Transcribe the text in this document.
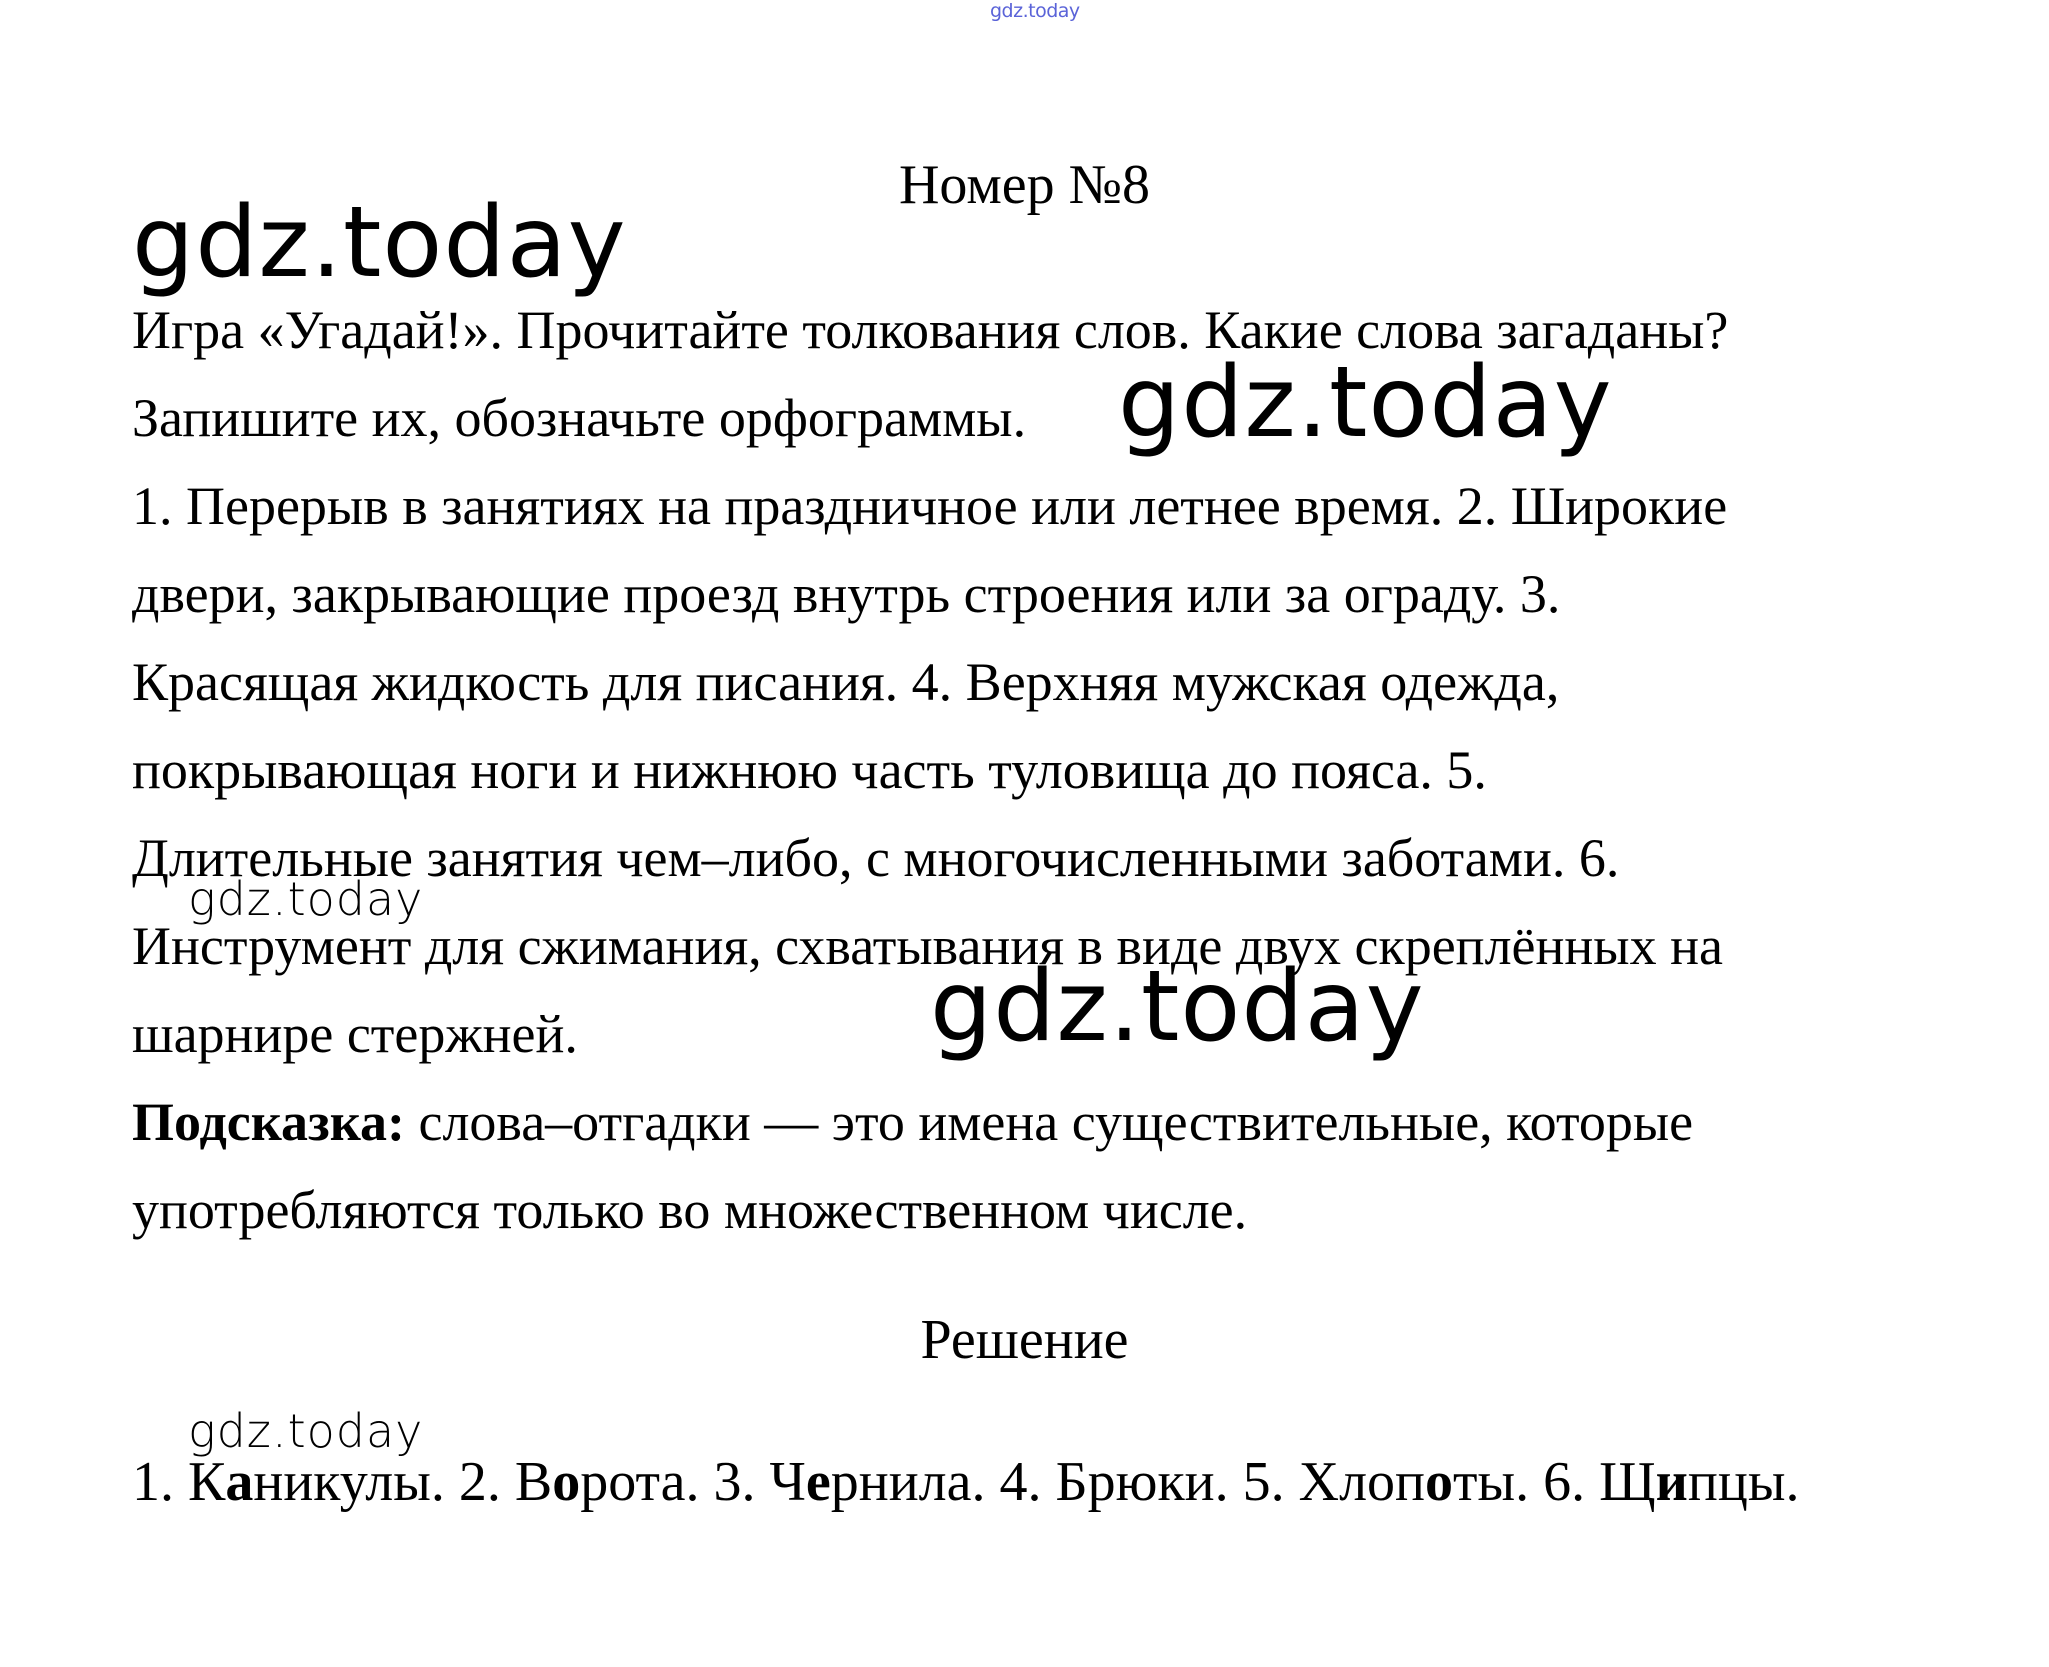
gdz.today
Номер №8
Игра «Угадай!». Прочитайте толкования слов. Какие слова загаданы?
Запишите их, обозначьте орфограммы.
1. Перерыв в занятиях на праздничное или летнее время. 2. Широкие
двери, закрывающие проезд внутрь строения или за ограду. 3.
Красящая жидкость для писания. 4. Верхняя мужская одежда,
покрывающая ноги и нижнюю часть туловища до пояса. 5.
Длительные занятия чем–либо, с многочисленными заботами. 6.
Инструмент для сжимания, схватывания в виде двух скреплённых на
шарнире стержней.
Подсказка: слова–отгадки — это имена существительные, которые
употребляются только во множественном числе.
Решение
1. Каникулы. 2. Ворота. 3. Чернила. 4. Брюки. 5. Хлопоты. 6. Щипцы.
gdz.today
gdz.today
gdz.today
gdz.today
gdz.today
